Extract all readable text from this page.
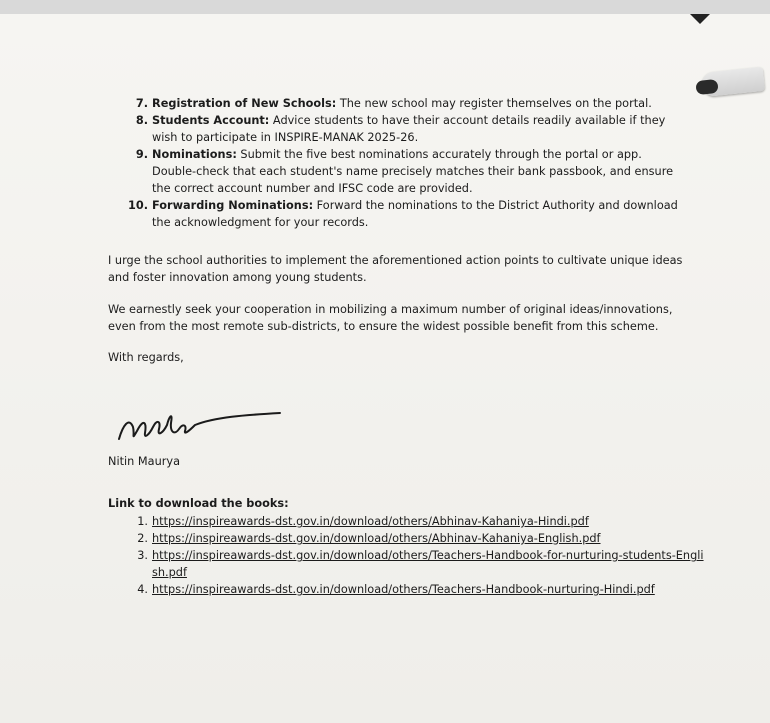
7. Registration of New Schools: The new school may register themselves on the portal.
8. Students Account: Advice students to have their account details readily available if they wish to participate in INSPIRE-MANAK 2025-26.
9. Nominations: Submit the five best nominations accurately through the portal or app. Double-check that each student's name precisely matches their bank passbook, and ensure the correct account number and IFSC code are provided.
10. Forwarding Nominations: Forward the nominations to the District Authority and download the acknowledgment for your records.

I urge the school authorities to implement the aforementioned action points to cultivate unique ideas and foster innovation among young students.

We earnestly seek your cooperation in mobilizing a maximum number of original ideas/innovations, even from the most remote sub-districts, to ensure the widest possible benefit from this scheme.

With regards,

Nitin Maurya
Link to download the books:
1. https://inspireawards-dst.gov.in/download/others/Abhinav-Kahaniya-Hindi.pdf
2. https://inspireawards-dst.gov.in/download/others/Abhinav-Kahaniya-English.pdf
3. https://inspireawards-dst.gov.in/download/others/Teachers-Handbook-for-nurturing-students-English.pdf
4. https://inspireawards-dst.gov.in/download/others/Teachers-Handbook-nurturing-Hindi.pdf
